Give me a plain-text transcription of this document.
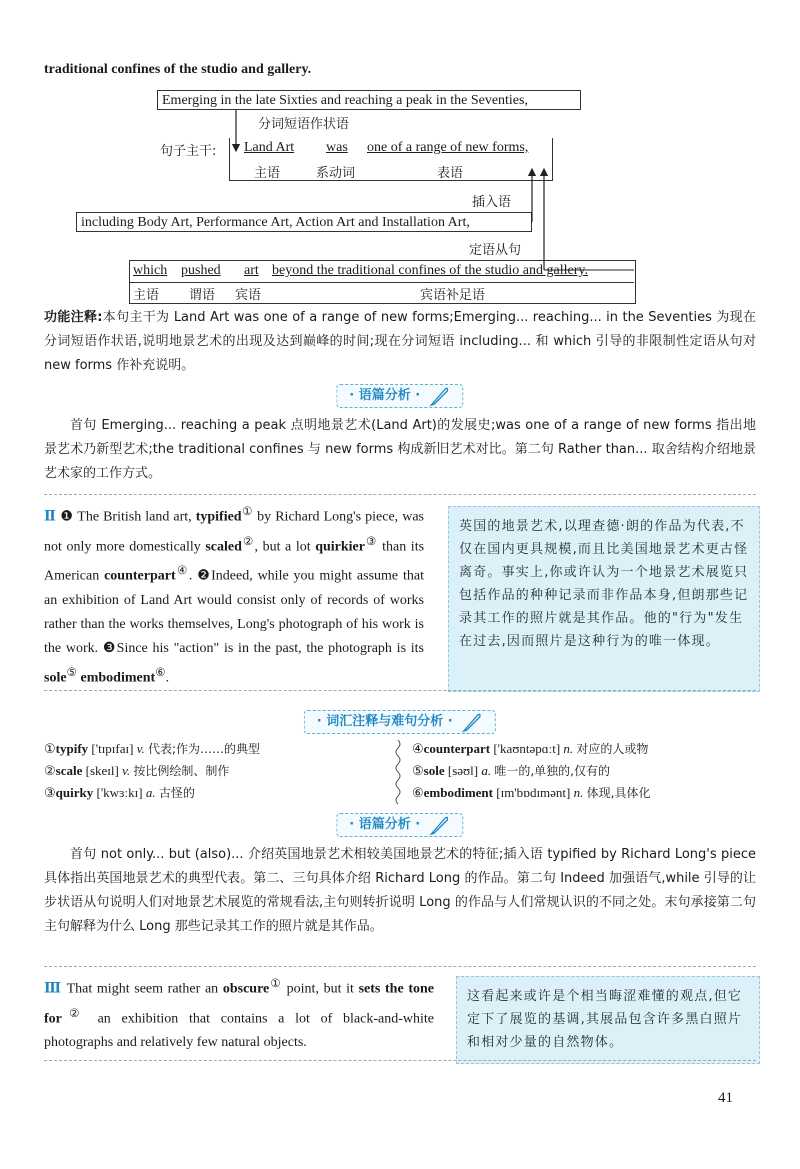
traditional confines of the studio and gallery.
Emerging in the late Sixties and reaching a peak in the Seventies,
分词短语作状语
句子主干: Land Art was one of a range of new forms,
主语	系动词	表语
插入语
including Body Art, Performance Art, Action Art and Installation Art,
定语从句
which pushed art beyond the traditional confines of the studio and gallery.
主语 谓语 宾语	宾语补足语
功能注释:本句主干为 Land Art was one of a range of new forms;Emerging... reaching... in the Seventies 为现在分词短语作状语,说明地景艺术的出现及达到巅峰的时间;现在分词短语 including... 和 which 引导的非限制性定语从句对 new forms 作补充说明。
· 语篇分析 ·
首句 Emerging... reaching a peak 点明地景艺术(Land Art)的发展史;was one of a range of new forms 指出地景艺术乃新型艺术;the traditional confines 与 new forms 构成新旧艺术对比。第二句 Rather than... 取舍结构介绍地景艺术家的工作方式。
Ⅱ ❶ The British land art, typified① by Richard Long's piece, was not only more domestically scaled②, but a lot quirkier③ than its American counterpart④. ❷Indeed, while you might assume that an exhibition of Land Art would consist only of records of works rather than the works themselves, Long's photograph of his work is the work. ❸Since his "action" is in the past, the photograph is its sole⑤ embodiment⑥.
英国的地景艺术,以理查德·朗的作品为代表,不仅在国内更具规模,而且比美国地景艺术更古怪离奇。事实上,你或许认为一个地景艺术展览只包括作品的种种记录而非作品本身,但朗那些记录其工作的照片就是其作品。他的"行为"发生在过去,因而照片是这种行为的唯一体现。
· 词汇注释与难句分析 ·
①typify ['tɪpɪfaɪ] v. 代表;作为……的典型
②scale [skeɪl] v. 按比例绘制、制作
③quirky ['kwɜːkɪ] a. 古怪的
④counterpart ['kaʊntəpɑːt] n. 对应的人或物
⑤sole [səʊl] a. 唯一的,单独的,仅有的
⑥embodiment [ɪm'bɒdɪmənt] n. 体现,具体化
· 语篇分析 ·
首句 not only... but (also)... 介绍英国地景艺术相较美国地景艺术的特征;插入语 typified by Richard Long's piece 具体指出英国地景艺术的典型代表。第二、三句具体介绍 Richard Long 的作品。第二句 Indeed 加强语气,while 引导的让步状语从句说明人们对地景艺术展览的常规看法,主句则转折说明 Long 的作品与人们常规认识的不同之处。末句承接第二句主句解释为什么 Long 那些记录其工作的照片就是其作品。
Ⅲ That might seem rather an obscure① point, but it sets the tone for② an exhibition that contains a lot of black-and-white photographs and relatively few natural objects.
这看起来或许是个相当晦涩难懂的观点,但它定下了展览的基调,其展品包含许多黑白照片和相对少量的自然物体。
41
